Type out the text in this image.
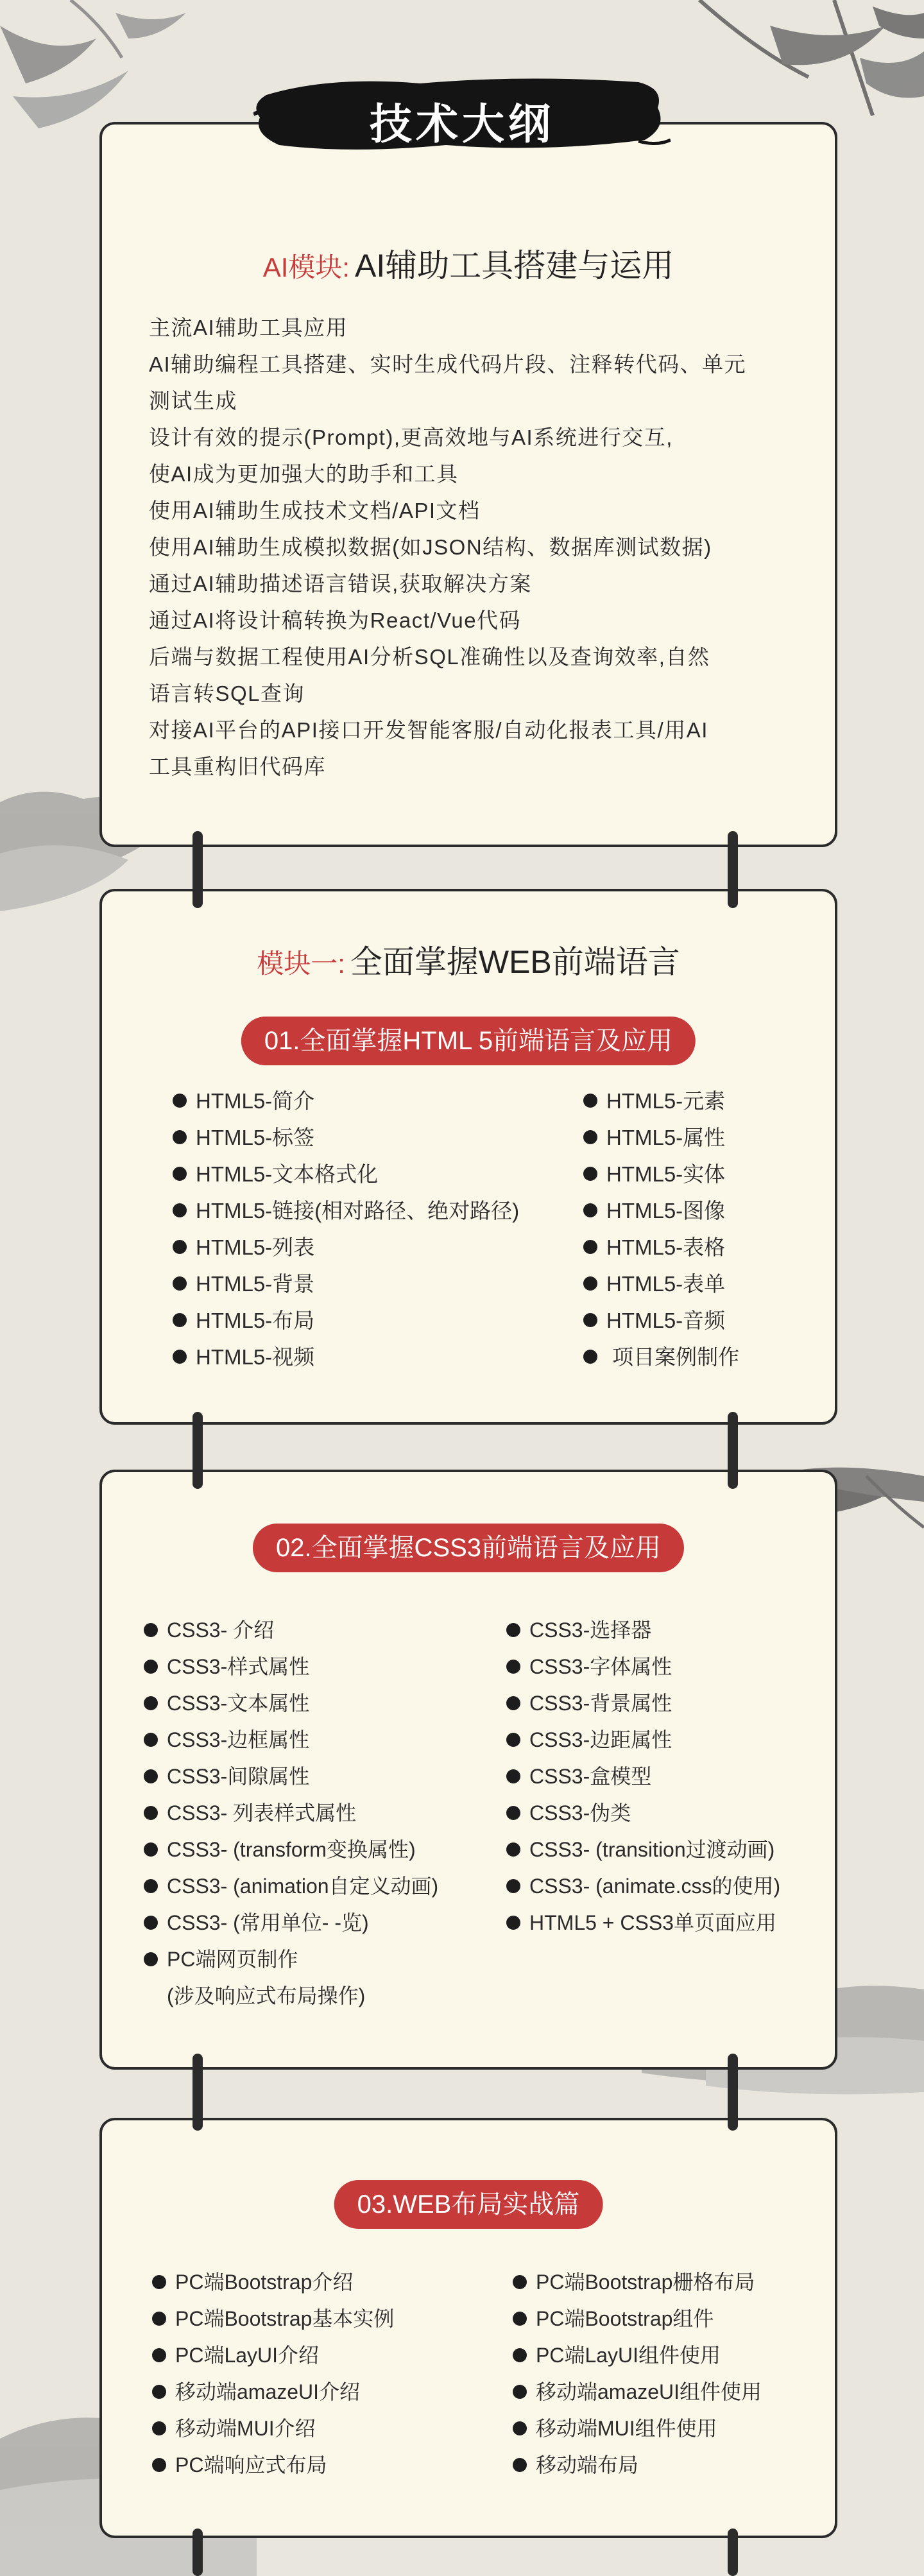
AI模块: AI辅助工具搭建与运用
主流AI辅助工具应用
AI辅助编程工具搭建、实时生成代码片段、注释转代码、单元
测试生成
设计有效的提示(Prompt),更高效地与AI系统进行交互,
使AI成为更加强大的助手和工具
使用AI辅助生成技术文档/API文档
使用AI辅助生成模拟数据(如JSON结构、数据库测试数据)
通过AI辅助描述语言错误,获取解决方案
通过AI将设计稿转换为React/Vue代码
后端与数据工程使用AI分析SQL准确性以及查询效率,自然
语言转SQL查询
对接AI平台的API接口开发智能客服/自动化报表工具/用AI
工具重构旧代码库
技术大纲
模块一: 全面掌握WEB前端语言
01.全面掌握HTML 5前端语言及应用
HTML5-简介
HTML5-标签
HTML5-文本格式化
HTML5-链接(相对路径、绝对路径)
HTML5-列表
HTML5-背景
HTML5-布局
HTML5-视频
HTML5-元素
HTML5-属性
HTML5-实体
HTML5-图像
HTML5-表格
HTML5-表单
HTML5-音频
项目案例制作
02.全面掌握CSS3前端语言及应用
CSS3- 介绍
CSS3-样式属性
CSS3-文本属性
CSS3-边框属性
CSS3-间隙属性
CSS3- 列表样式属性
CSS3- (transform变换属性)
CSS3- (animation自定义动画)
CSS3- (常用单位- -览)
PC端网页制作
(涉及响应式布局操作)
CSS3-选择器
CSS3-字体属性
CSS3-背景属性
CSS3-边距属性
CSS3-盒模型
CSS3-伪类
CSS3- (transition过渡动画)
CSS3- (animate.css的使用)
HTML5 + CSS3单页面应用
03.WEB布局实战篇
PC端Bootstrap介绍
PC端Bootstrap基本实例
PC端LayUI介绍
移动端amazeUI介绍
移动端MUI介绍
PC端响应式布局
PC端Bootstrap栅格布局
PC端Bootstrap组件
PC端LayUI组件使用
移动端amazeUI组件使用
移动端MUI组件使用
移动端布局
